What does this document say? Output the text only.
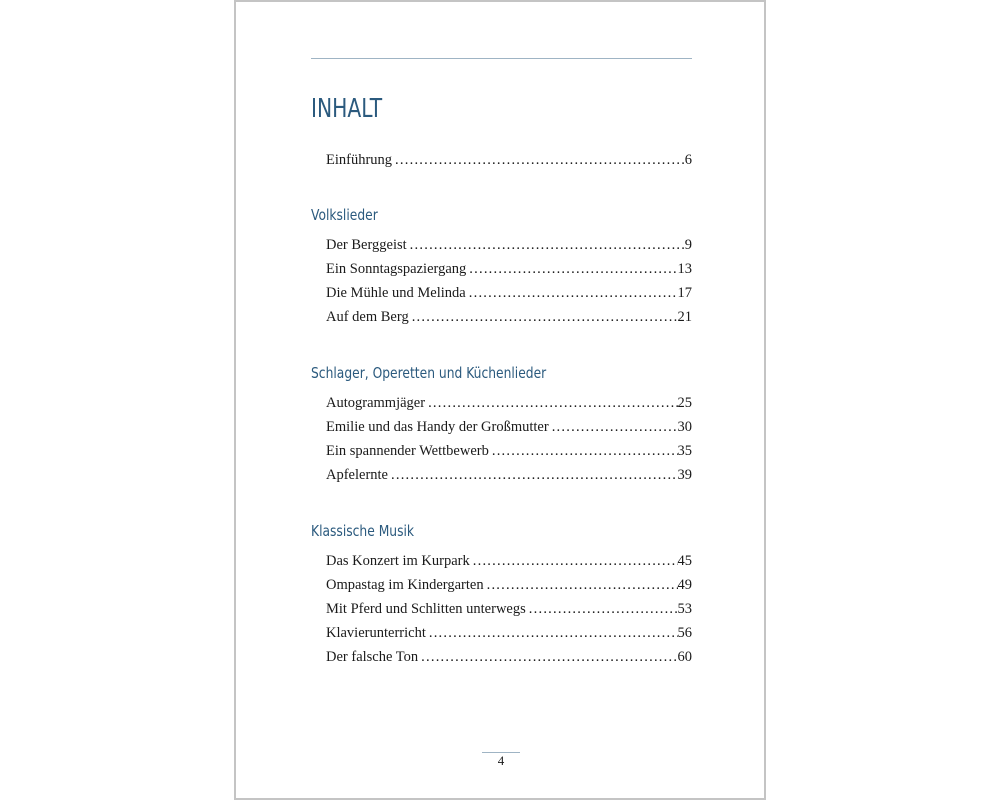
INHALT
Einführung . . .	6
Volkslieder
Der Berggeist . . .	9
Ein Sonntagspaziergang . . .	13
Die Mühle und Melinda . . .	17
Auf dem Berg . . .	21
Schlager, Operetten und Küchenlieder
Autogrammjäger . . .	25
Emilie und das Handy der Großmutter . . .	30
Ein spannender Wettbewerb . . .	35
Apfelernte . . .	39
Klassische Musik
Das Konzert im Kurpark . . .	45
Ompastag im Kindergarten . . .	49
Mit Pferd und Schlitten unterwegs . . .	53
Klavierunterricht . . .	56
Der falsche Ton . . .	60
4
